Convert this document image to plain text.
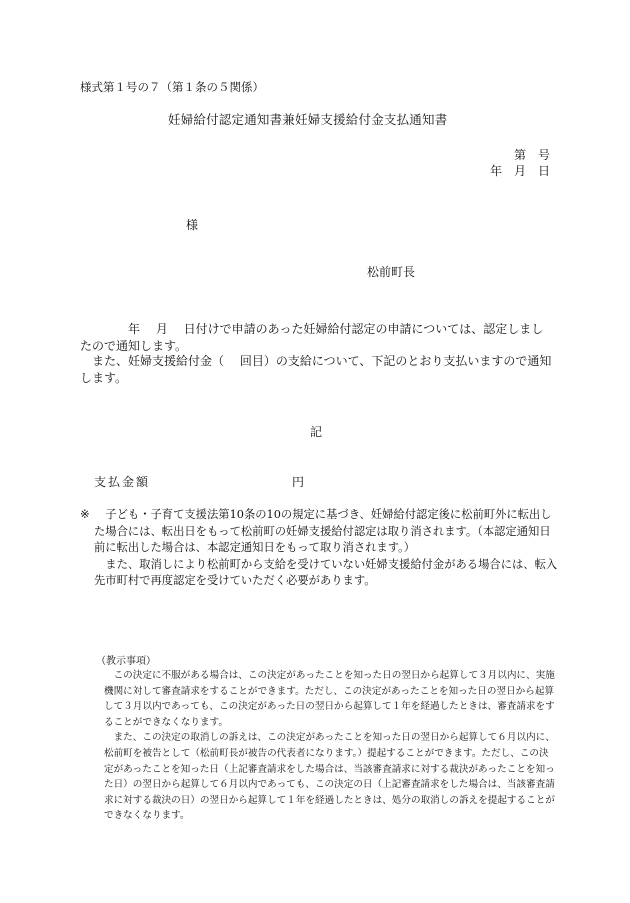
様式第１号の７（第１条の５関係）
妊婦給付認定通知書兼妊婦支援給付金支払通知書
第　号
年　月　日
様
松前町長
　　　　年　 月　 日付けで申請のあった妊婦給付認定の申請については、認定しましたので通知します。
　また、妊婦支援給付金（　 回目）の支給について、下記のとおり支払いますので通知します。
記
支払金額	円
※	子ども・子育て支援法第10条の10の規定に基づき、妊婦給付認定後に松前町外に転出した場合には、転出日をもって松前町の妊婦支援給付認定は取り消されます。（本認定通知日前に転出した場合は、本認定通知日をもって取り消されます。）
また、取消しにより松前町から支給を受けていない妊婦支援給付金がある場合には、転入先市町村で再度認定を受けていただく必要があります。
（教示事項）

この決定に不服がある場合は、この決定があったことを知った日の翌日から起算して３月以内に、実施機関に対して審査請求をすることができます。ただし、この決定があったことを知った日の翌日から起算して３月以内であっても、この決定があった日の翌日から起算して１年を経過したときは、審査請求をすることができなくなります。

また、この決定の取消しの訴えは、この決定があったことを知った日の翌日から起算して６月以内に、松前町を被告として（松前町長が被告の代表者になります。）提起することができます。ただし、この決定があったことを知った日（上記審査請求をした場合は、当該審査請求に対する裁決があったことを知った日）の翌日から起算して６月以内であっても、この決定の日（上記審査請求をした場合は、当該審査請求に対する裁決の日）の翌日から起算して１年を経過したときは、処分の取消しの訴えを提起することができなくなります。
